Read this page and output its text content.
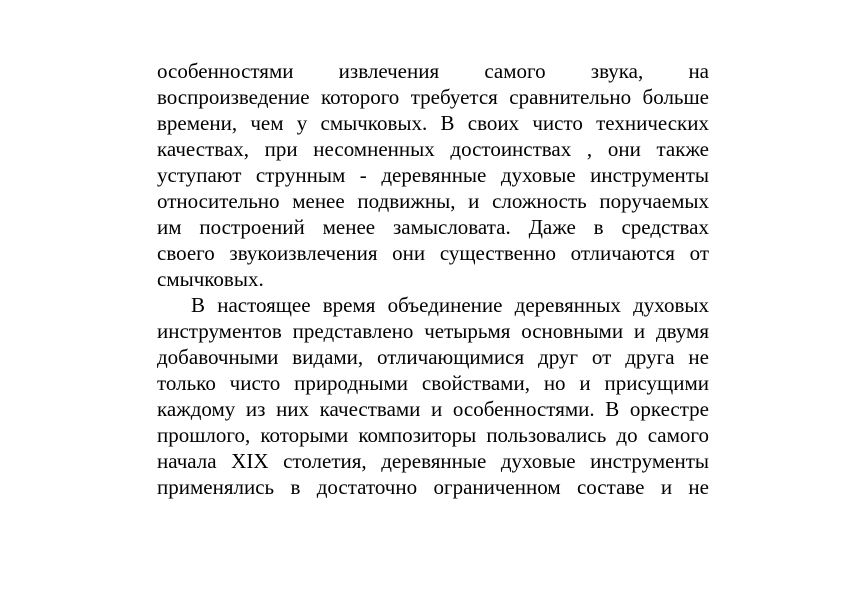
особенностями извлечения самого звука, на
воспроизведение которого требуется сравнительно больше
времени, чем у смычковых. В своих чисто технических
качествах, при несомненных достоинствах , они также
уступают струнным - деревянные духовые инструменты
относительно менее подвижны, и сложность поручаемых
им построений менее замысловата. Даже в средствах
своего звукоизвлечения они существенно отличаются от
смычковых.
В настоящее время объединение деревянных духовых
инструментов представлено четырьмя основными и двумя
добавочными видами, отличающимися друг от друга не
только чисто природными свойствами, но и присущими
каждому из них качествами и особенностями. В оркестре
прошлого, которыми композиторы пользовались до самого
начала XIX столетия, деревянные духовые инструменты
применялись в достаточно ограниченном составе и не
